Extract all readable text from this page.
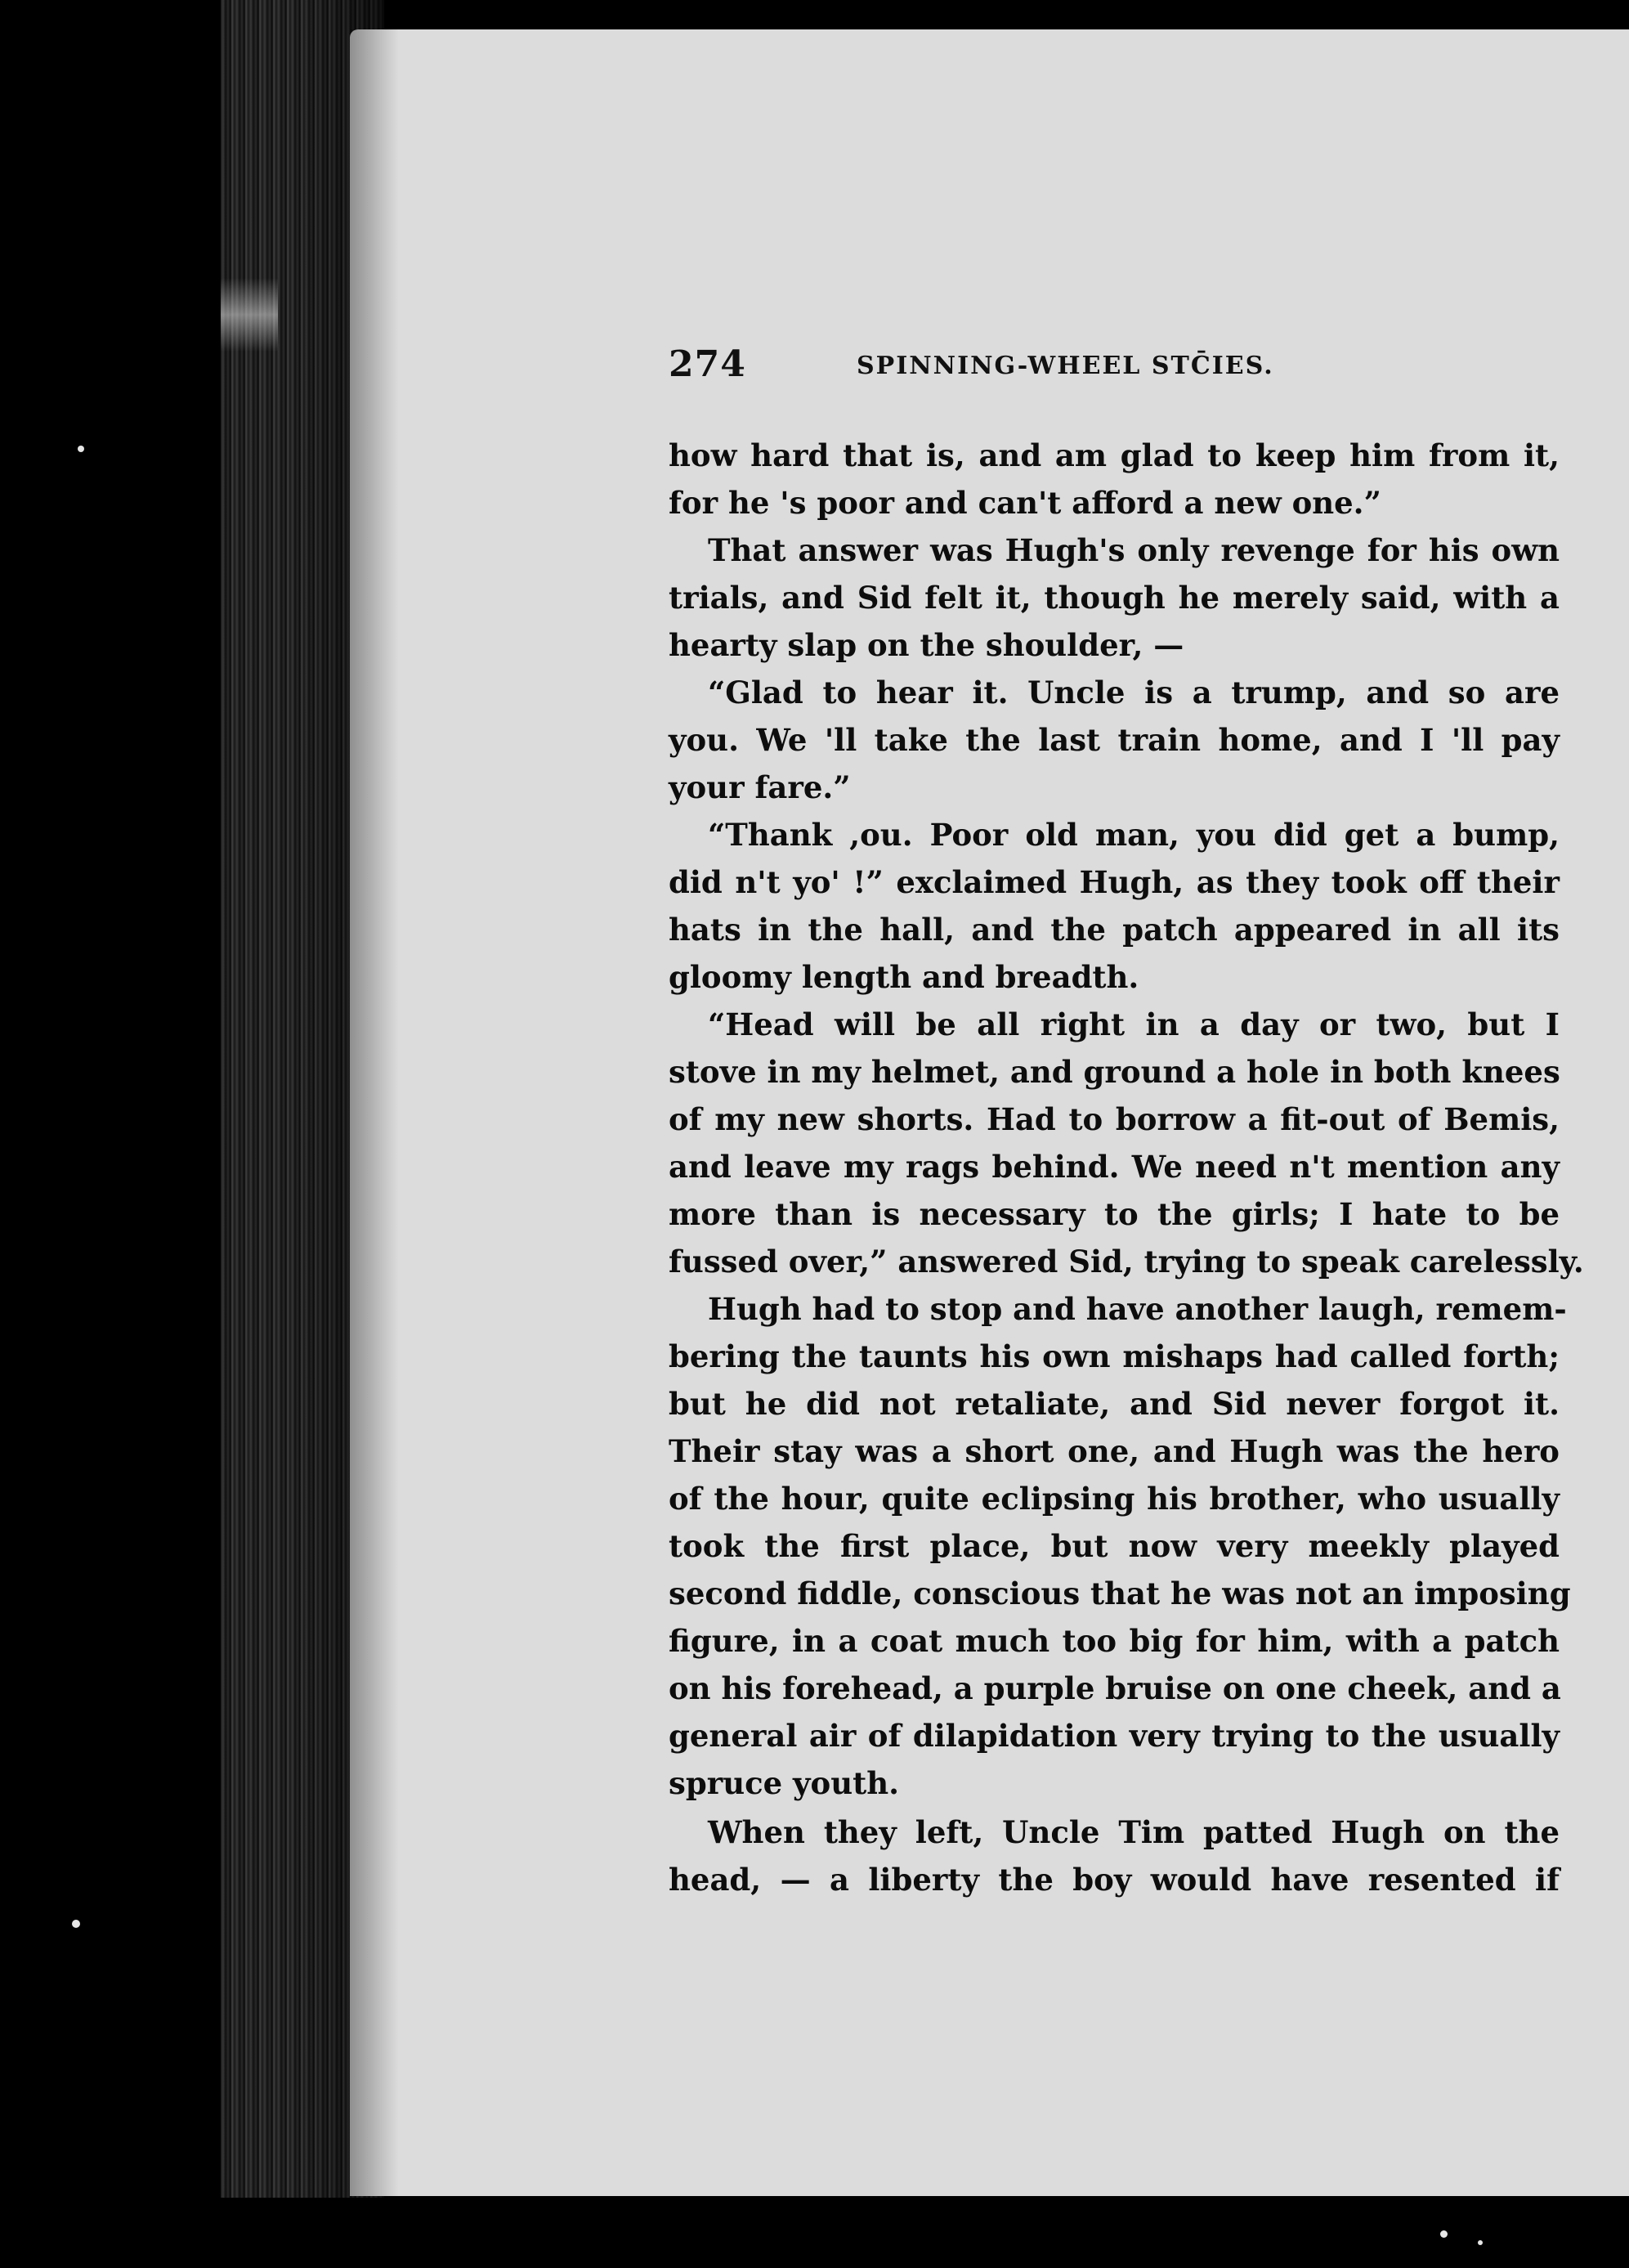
274	SPINNING-WHEEL STC̄IES.
how hard that is, and am glad to keep him from it,
for he 's poor and can't afford a new one.”
That answer was Hugh's only revenge for his own
trials, and Sid felt it, though he merely said, with a
hearty slap on the shoulder, —
“Glad to hear it. Uncle is a trump, and so are
you. We 'll take the last train home, and I 'll pay
your fare.”
“Thank ,ou. Poor old man, you did get a bump,
did n't yo' !” exclaimed Hugh, as they took off their
hats in the hall, and the patch appeared in all its
gloomy length and breadth.
“Head will be all right in a day or two, but I
stove in my helmet, and ground a hole in both knees
of my new shorts. Had to borrow a fit-out of Bemis,
and leave my rags behind. We need n't mention any
more than is necessary to the girls; I hate to be
fussed over,” answered Sid, trying to speak carelessly.
Hugh had to stop and have another laugh, remem-
bering the taunts his own mishaps had called forth;
but he did not retaliate, and Sid never forgot it.
Their stay was a short one, and Hugh was the hero
of the hour, quite eclipsing his brother, who usually
took the first place, but now very meekly played
second fiddle, conscious that he was not an imposing
figure, in a coat much too big for him, with a patch
on his forehead, a purple bruise on one cheek, and a
general air of dilapidation very trying to the usually
spruce youth.
When they left, Uncle Tim patted Hugh on the
head, — a liberty the boy would have resented if
